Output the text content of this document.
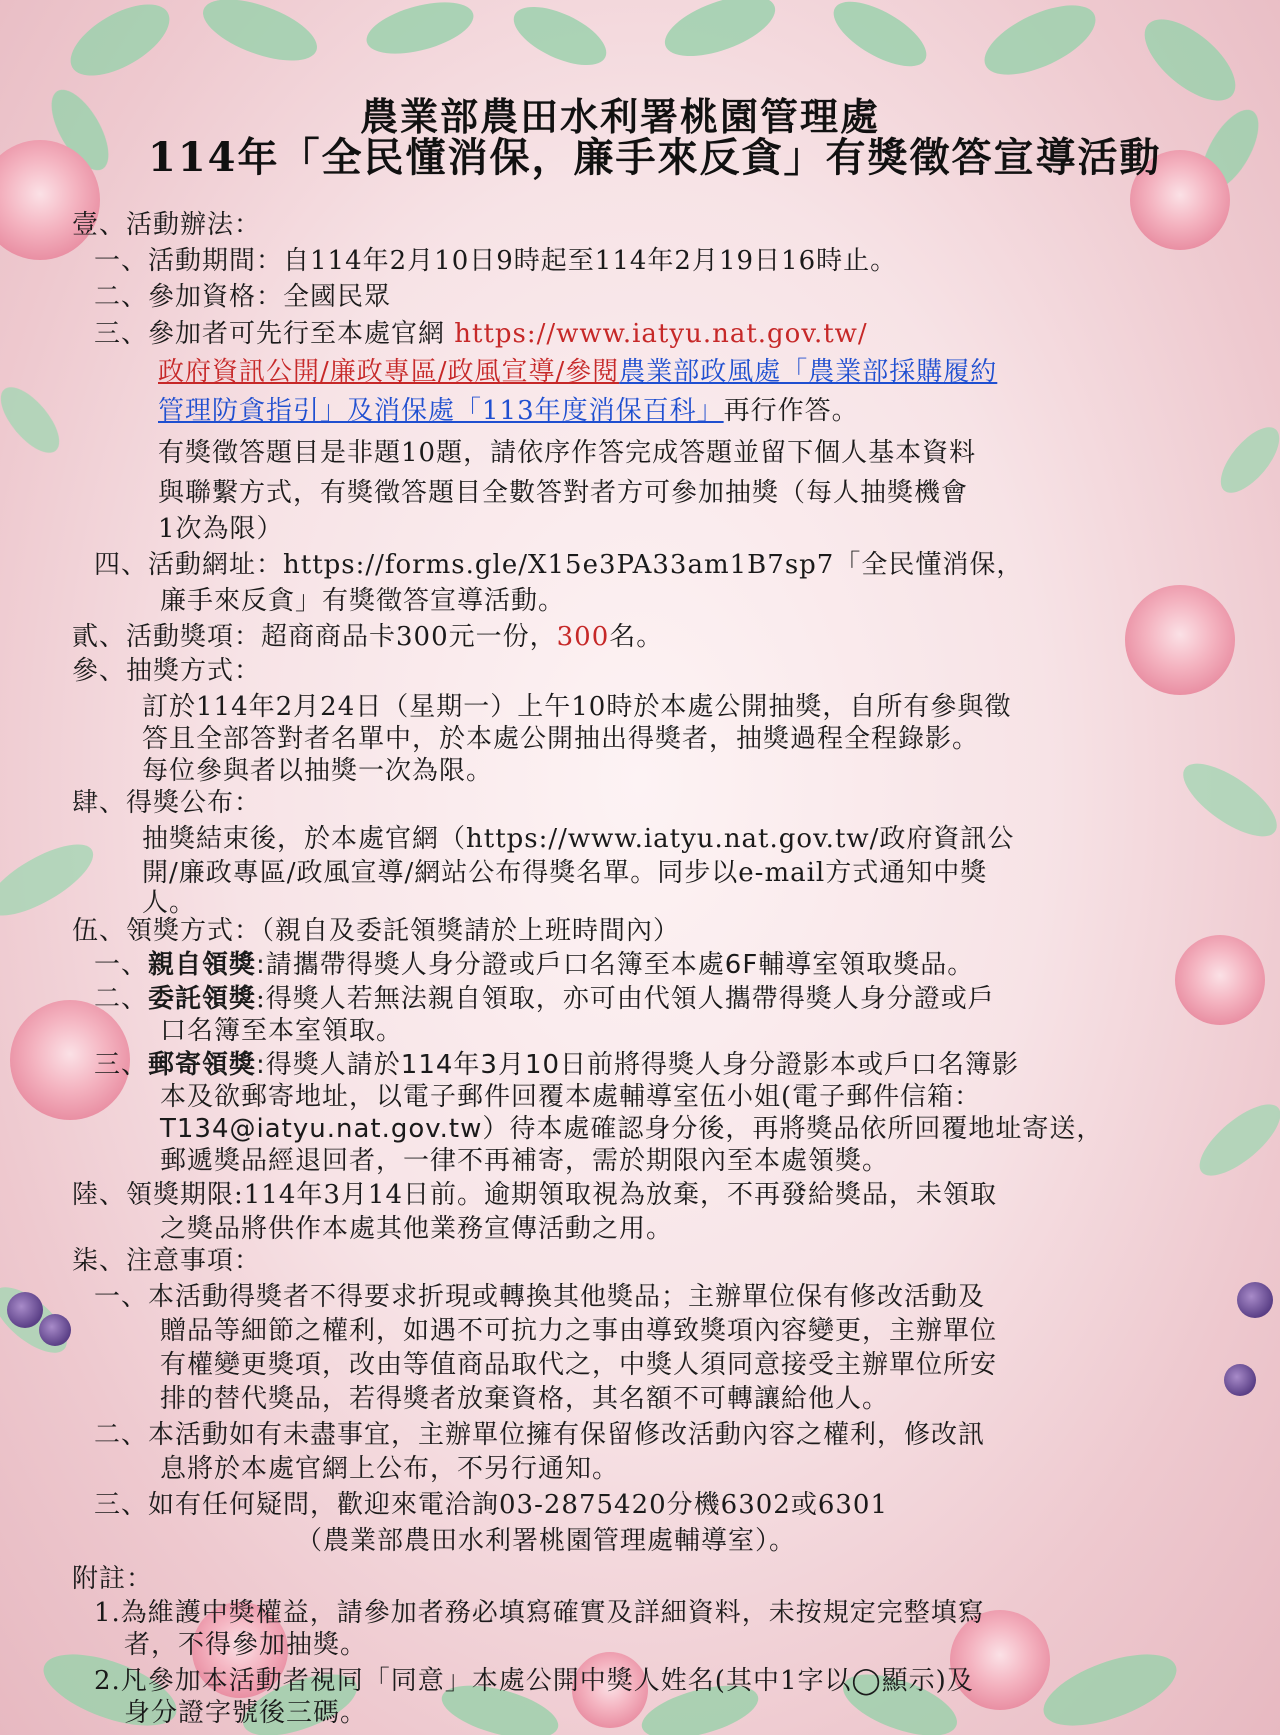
農業部農田水利署桃園管理處
114年「全民懂消保，廉手來反貪」有獎徵答宣導活動
壹、活動辦法：
一、活動期間：自114年2月10日9時起至114年2月19日16時止。
二、參加資格：全國民眾
三、參加者可先行至本處官網 https://www.iatyu.nat.gov.tw/
政府資訊公開/廉政專區/政風宣導/參閱農業部政風處「農業部採購履約
管理防貪指引」及消保處「113年度消保百科」再行作答。
有獎徵答題目是非題10題，請依序作答完成答題並留下個人基本資料
與聯繫方式，有獎徵答題目全數答對者方可參加抽獎（每人抽獎機會
1次為限）
四、活動網址：https://forms.gle/X15e3PA33am1B7sp7「全民懂消保，
廉手來反貪」有獎徵答宣導活動。
貳、活動獎項：超商商品卡300元一份，300名。
參、抽獎方式：
訂於114年2月24日（星期一）上午10時於本處公開抽獎，自所有參與徵
答且全部答對者名單中，於本處公開抽出得獎者，抽獎過程全程錄影。
每位參與者以抽獎一次為限。
肆、得獎公布：
抽獎結束後，於本處官網（https://www.iatyu.nat.gov.tw/政府資訊公
開/廉政專區/政風宣導/網站公布得獎名單。同步以e-mail方式通知中獎
人。
伍、領獎方式：（親自及委託領獎請於上班時間內）
一、親自領獎:請攜帶得獎人身分證或戶口名簿至本處6F輔導室領取獎品。
二、委託領獎:得獎人若無法親自領取，亦可由代領人攜帶得獎人身分證或戶
口名簿至本室領取。
三、郵寄領獎:得獎人請於114年3月10日前將得獎人身分證影本或戶口名簿影
本及欲郵寄地址，以電子郵件回覆本處輔導室伍小姐(電子郵件信箱：
T134@iatyu.nat.gov.tw）待本處確認身分後，再將獎品依所回覆地址寄送，
郵遞獎品經退回者，一律不再補寄，需於期限內至本處領獎。
陸、領獎期限:114年3月14日前。逾期領取視為放棄，不再發給獎品，未領取
之獎品將供作本處其他業務宣傳活動之用。
柒、注意事項：
一、本活動得獎者不得要求折現或轉換其他獎品；主辦單位保有修改活動及
贈品等細節之權利，如遇不可抗力之事由導致獎項內容變更，主辦單位
有權變更獎項，改由等值商品取代之，中獎人須同意接受主辦單位所安
排的替代獎品，若得獎者放棄資格，其名額不可轉讓給他人。
二、本活動如有未盡事宜，主辦單位擁有保留修改活動內容之權利，修改訊
息將於本處官網上公布，不另行通知。
三、如有任何疑問，歡迎來電洽詢03-2875420分機6302或6301
（農業部農田水利署桃園管理處輔導室）。
附註：
1.為維護中獎權益，請參加者務必填寫確實及詳細資料，未按規定完整填寫
者，不得參加抽獎。
2.凡參加本活動者視同「同意」本處公開中獎人姓名(其中1字以◯顯示)及
身分證字號後三碼。
